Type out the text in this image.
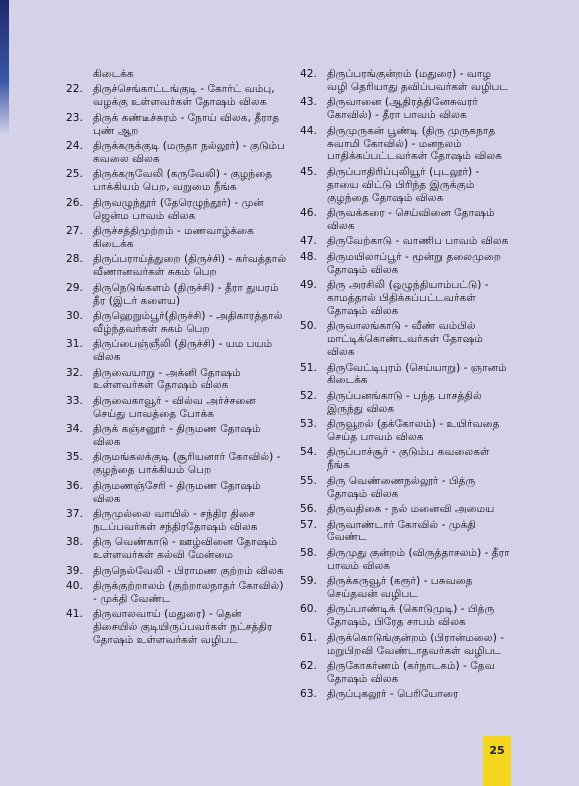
கிடைக்க
22. திருச்செங்காட்டங்குடி - கோர்ட் வம்பு, வழக்கு உள்ளவர்கள் தோஷம் விலக
23. திருக் கண்டீச்சுரம் - நோய் விலக, தீராத புண் ஆற
24. திருக்கருக்குடி (மருதா நல்லூர்) - குடும்ப கவலை விலக
25. திருக்கருவேலி (கருவேலி) - குழந்தை பாக்கியம் பெற, வறுமை நீங்க
26. திருவழுந்தூர் (தேரெழுந்தூர்) - முன் ஜென்ம பாவம் விலக
27. திருச்சத்திமுற்றம் - மணவாழ்க்கை கிடைக்க
28. திருப்பராய்த்துறை (திருச்சி) - கர்வத்தால் வீணானவர்கள் சுகம் பெற
29. திருநெடுங்களம் (திருச்சி) - தீரா துயரம் தீர (இடர் களைய)
30. திருஹெறும்பூர்(திருச்சி) - அதிகாரத்தால் வீழ்ந்தவர்கள் சுகம் பெற
31. திருப்பைஞ்ஞீலி (திருச்சி) - யம பயம் விலக
32. திருவையாறு - அக்னி தோஷம் உள்ளவர்கள் தோஷம் விலக
33. திருவைகாவூர் - வில்வ அர்ச்சனை செய்து பாவத்தை போக்க
34. திருக் கஞ்சனூர் - திருமண தோஷம் விலக
35. திருமங்கலக்குடி (சூரியனார் கோவில்) - குழந்தை பாக்கியம் பெற
36. திருமணஞ்சேரி - திருமண தோஷம் விலக
37. திருமுல்லை வாயில் - சந்திர திசை நடப்பவர்கள் சந்திரதோஷம் விலக
38. திரு வெண்காடு - ஊழ்வினை தோஷம் உள்ளவர்கள் கல்வி மேன்மை
39. திருநெல்வேலி - பிராமண குற்றம் விலக
40. திருக்குற்றாலம் (குற்றாலநாதர் கோவில்) - முக்தி வேண்ட
41. திருவாலவாய் (மதுரை) - தென் திசையில் குடியிருப்பவர்கள் நட்சத்திர தோஷம் உள்ளவர்கள் வழிபட
42. திருப்பரங்குன்றம் (மதுரை) - வாழ வழி தெரியாது தவிப்பவர்கள் வழிபட
43. திருவானை (ஆதிரத்தினேசுவரர் கோவில்) - தீரா பாவம் விலக
44. திருமுருகன் பூண்டி (திரு முருகநாத சுவாமி கோவில்) - மனநலம் பாதிக்கப்பட்டவர்கள் தோஷம் விலக
45. திருப்பாதிரிப்புலியூர் (புடலூர்) - தாயை விட்டு பிரிந்த இருக்கும் குழந்தை தோஷம் விலக
46. திருவக்கரை - செய்வினை தோஷம் விலக
47. திருவேற்காடு - வாணிப பாவம் விலக
48. திருமயிலாப்பூர் - மூன்று தலைமுறை தோஷம் விலக
49. திரு அரசிலி (ஒழுந்தியாம்பட்டு) - காமத்தால் பிதிக்கப்பட்டவர்கள் தோஷம் விலக
50. திருவாலங்காடு - வீண் வம்பில் மாட்டிக்கொண்டவர்கள் தோஷம் விலக
51. திருவேட்டிபுரம் (செய்யாறு) - ஞானம் கிடைக்க
52. திருப்பனங்காடு - பந்த பாசத்தில் இருந்து விலக
53. திருவூறல் (தக்கோலம்) - உயிர்வதை செய்த பாவம் விலக
54. திருப்பாச்சூர் - குடும்ப கவலைகள் நீங்க
55. திரு வெண்ணைநல்லூர் - பித்ரு தோஷம் விலக
56. திருவதிகை - நல் மனைவி அமைய
57. திருவாண்டார் கோவில் - முக்தி வேண்ட
58. திருமுது குன்றம் (விருத்தாசலம்) - தீரா பாவம் விலக
59. திருக்கருவூர் (கரூர்) - பசுவதை செய்தவன் வழிபட
60. திருப்பாண்டிக் (கொடுமுடி) - பித்ரு தோஷம், பிரேத சாபம் விலக
61. திருக்கொடுங்குன்றம் (பிரான்மலை) - மறுபிறவி வேண்டாதவர்கள் வழிபட
62. திருகோகர்ணம் (கர்நாடகம்) - தேவ தோஷம் விலக
63. திருப்புகலூர் - பெரியோரை
25
